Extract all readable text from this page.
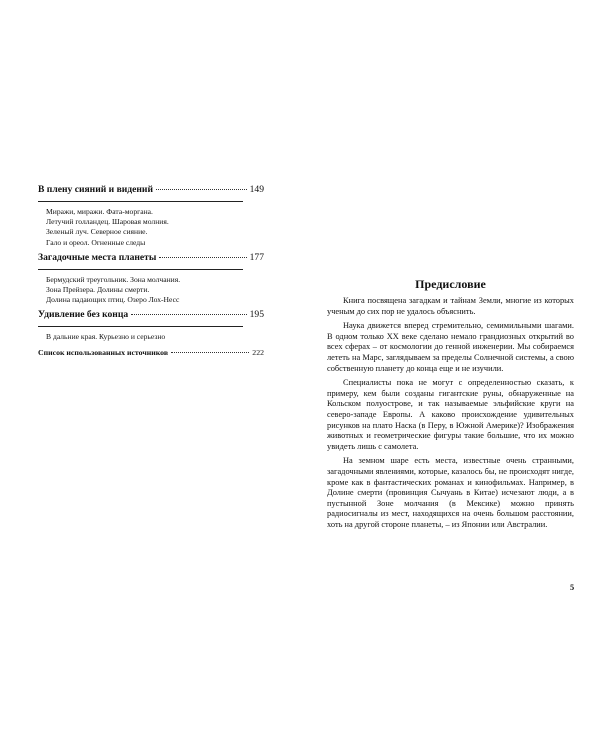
В плену сияний и видений	149
Миражи, миражи. Фата-моргана.
Летучий голландец. Шаровая молния.
Зеленый луч. Северное сияние.
Гало и ореол. Огненные следы
Загадочные места планеты	177
Бермудский треугольник. Зона молчания.
Зона Прейзера. Долины смерти.
Долина падающих птиц. Озеро Лох-Несс
Удивление без конца	195
В дальние края. Курьезно и серьезно
Список использованных источников	222
Предисловие

Книга посвящена загадкам и тайнам Земли, многие из которых ученым до сих пор не удалось объяснить.

Наука движется вперед стремительно, семимильными шагами. В одном только XX веке сделано немало грандиозных открытий во всех сферах – от космологии до генной инженерии. Мы собираемся лететь на Марс, заглядываем за пределы Солнечной системы, а свою собственную планету до конца еще и не изучили.

Специалисты пока не могут с определенностью сказать, к примеру, кем были созданы гигантские руны, обнаруженные на Кольском полуострове, и так называемые эльфийские круги на северо-западе Европы. А каково происхождение удивительных рисунков на плато Наска (в Перу, в Южной Америке)? Изображения животных и геометрические фигуры такие большие, что их можно увидеть лишь с самолета.

На земном шаре есть места, известные очень странными, загадочными явлениями, которые, казалось бы, не происходят нигде, кроме как в фантастических романах и кинофильмах. Например, в Долине смерти (провинция Сычуань в Китае) исчезают люди, а в пустынной Зоне молчания (в Мексике) можно принять радиосигналы из мест, находящихся на очень большом расстоянии, хоть на другой стороне планеты, – из Японии или Австралии.

5
